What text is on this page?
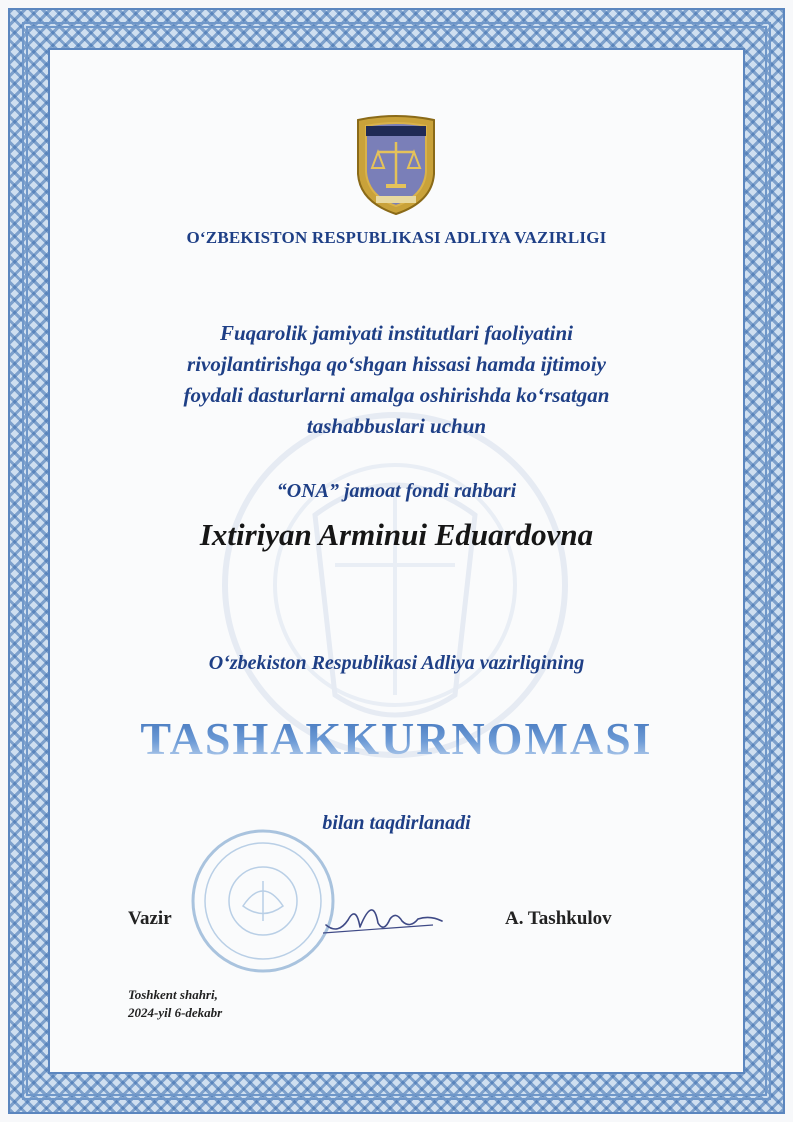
O‘ZBEKISTON RESPUBLIKASI ADLIYA VAZIRLIGI
Fuqarolik jamiyati institutlari faoliyatini
rivojlantirishga qo‘shgan hissasi hamda ijtimoiy
foydali dasturlarni amalga oshirishda ko‘rsatgan
tashabbuslari uchun
“ONA” jamoat fondi rahbari
Ixtiriyan Arminui Eduardovna
O‘zbekiston Respublikasi Adliya vazirligining
TASHAKKURNOMASI
bilan taqdirlanadi
Vazir	A. Tashkulov
Toshkent shahri,
2024-yil 6-dekabr
